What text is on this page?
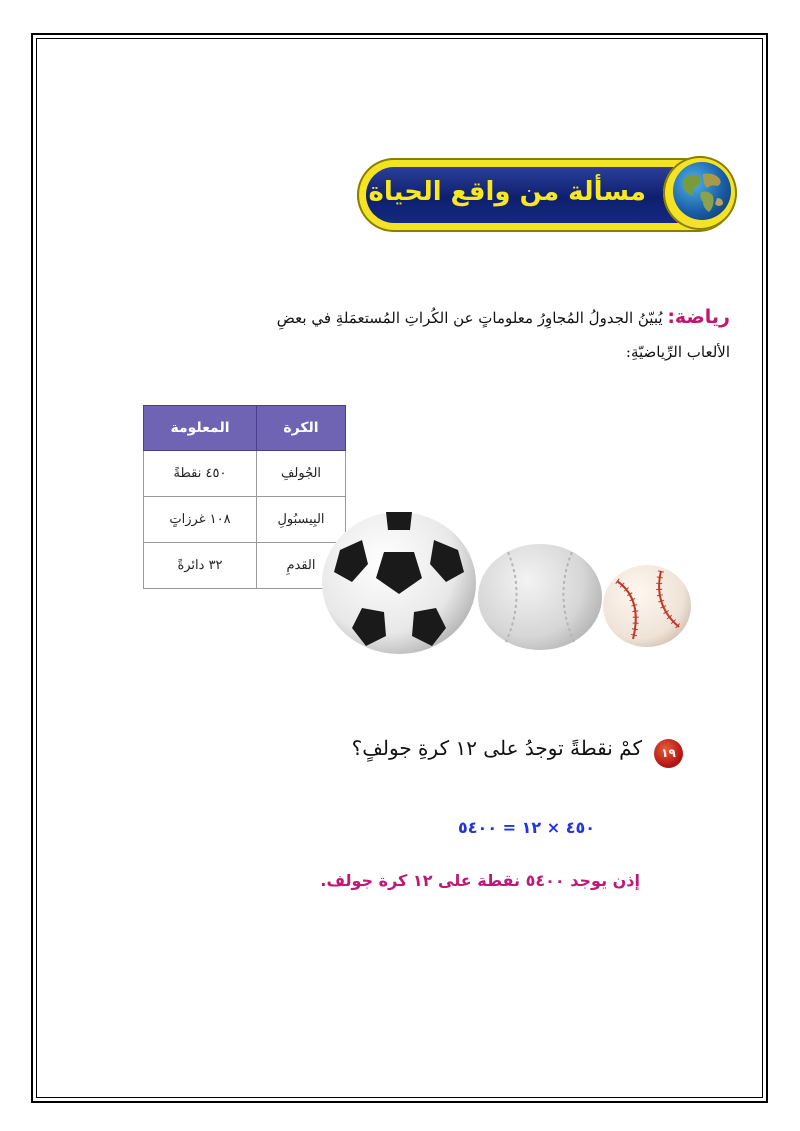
مسألة من واقع الحياة:
رياضة: يُبيّنُ الجدولُ المُجاوِرُ معلوماتٍ عن الكُراتِ المُستعمَلةِ في بعضِ
الألعاب الرِّياضيّةِ:
الكرة	المعلومة
الجُولفِ	٤٥٠ نقطةً
البِيسبُولِ	١٠٨ غرزاتٍ
القدمِ	٣٢ دائرةً
١٩
كمْ نقطةً توجدُ على ١٢ كرةِ جولفٍ؟
٤٥٠ × ١٢ = ٥٤٠٠
إذن يوجد ٥٤٠٠ نقطة على ١٢ كرة جولف.
